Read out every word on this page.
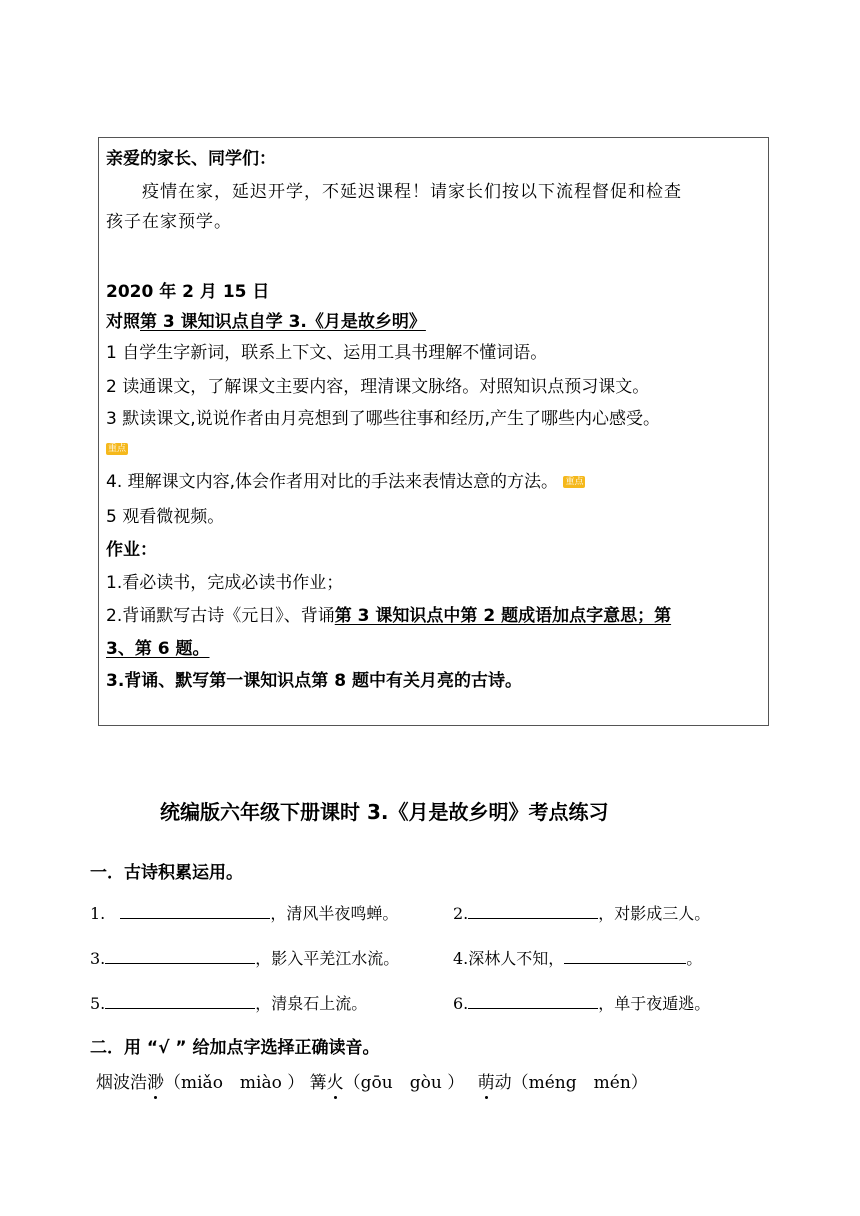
亲爱的家长、同学们：
疫情在家，延迟开学，不延迟课程！请家长们按以下流程督促和检查
孩子在家预学。
2020 年 2 月 15 日
对照第 3 课知识点自学 3.《月是故乡明》
1 自学生字新词，联系上下文、运用工具书理解不懂词语。
2 读通课文，了解课文主要内容，理清课文脉络。对照知识点预习课文。
3 默读课文,说说作者由月亮想到了哪些往事和经历,产生了哪些内心感受。
重点
4. 理解课文内容,体会作者用对比的手法来表情达意的方法。 重点
5 观看微视频。
作业：
1.看必读书，完成必读书作业；
2.背诵默写古诗《元日》、背诵第 3 课知识点中第 2 题成语加点字意思；第
3、第 6 题。
3.背诵、默写第一课知识点第 8 题中有关月亮的古诗。
统编版六年级下册课时 3.《月是故乡明》考点练习
一．古诗积累运用。
1.	，清风半夜鸣蝉。	2.	，对影成三人。
3.	，影入平羌江水流。	4.深林人不知，	。
5.	，清泉石上流。	6.	，单于夜遁逃。
二．用 “√ ” 给加点字选择正确读音。
烟波浩渺（miǎo　miào ） 篝火（gōu　gòu ） 萌动（méng　mén）
